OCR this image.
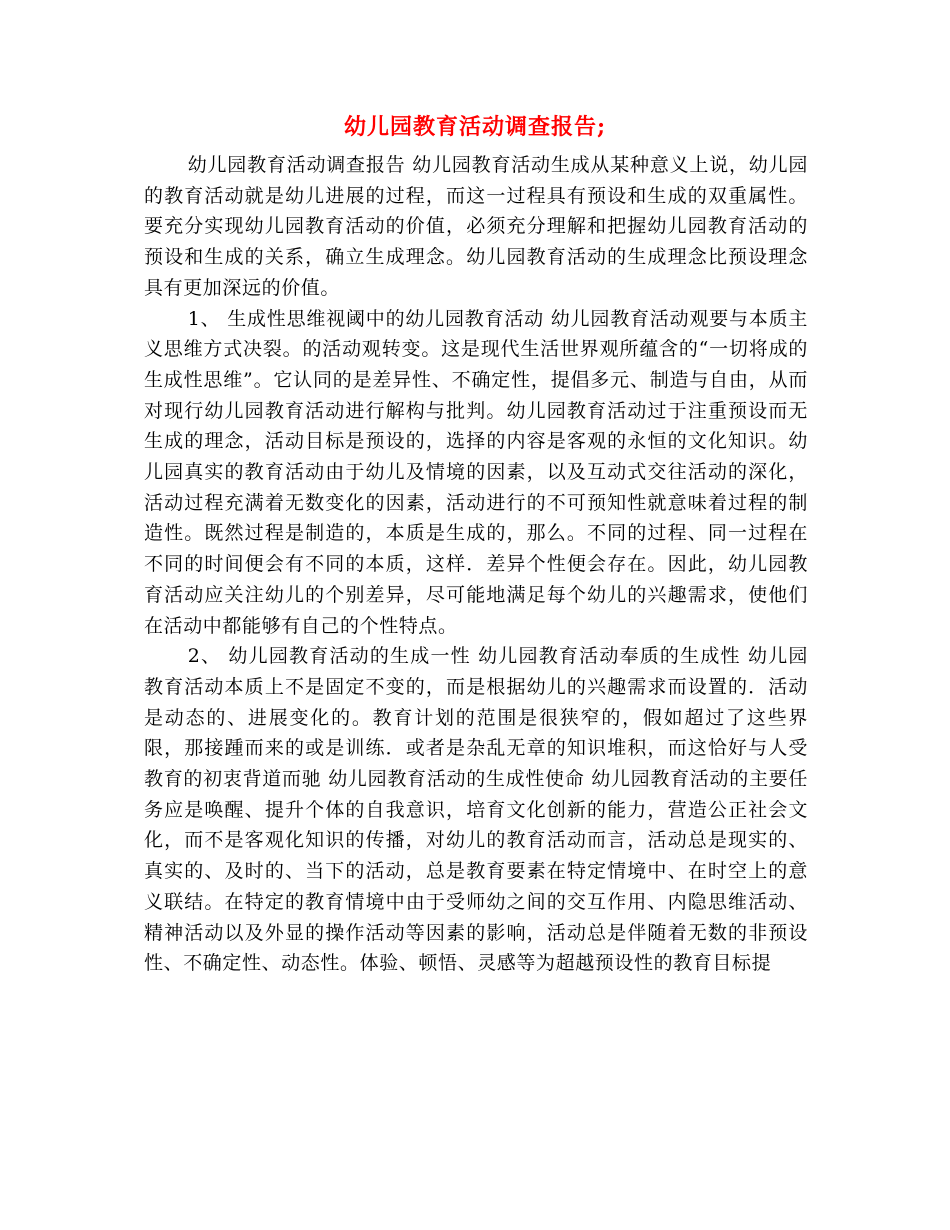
幼儿园教育活动调查报告;

幼儿园教育活动调查报告 幼儿园教育活动生成从某种意义上说，幼儿园的教育活动就是幼儿进展的过程，而这一过程具有预设和生成的双重属性。要充分实现幼儿园教育活动的价值，必须充分理解和把握幼儿园教育活动的预设和生成的关系，确立生成理念。幼儿园教育活动的生成理念比预设理念具有更加深远的价值。

1、 生成性思维视阈中的幼儿园教育活动 幼儿园教育活动观要与本质主义思维方式决裂。的活动观转变。这是现代生活世界观所蕴含的“一切将成的生成性思维”。它认同的是差异性、不确定性，提倡多元、制造与自由，从而对现行幼儿园教育活动进行解构与批判。幼儿园教育活动过于注重预设而无生成的理念，活动目标是预设的，选择的内容是客观的永恒的文化知识。幼儿园真实的教育活动由于幼儿及情境的因素，以及互动式交往活动的深化，活动过程充满着无数变化的因素，活动进行的不可预知性就意味着过程的制造性。既然过程是制造的，本质是生成的，那么。不同的过程、同一过程在不同的时间便会有不同的本质，这样．差异个性便会存在。因此，幼儿园教育活动应关注幼儿的个别差异，尽可能地满足每个幼儿的兴趣需求，使他们在活动中都能够有自己的个性特点。

2、 幼儿园教育活动的生成一性 幼儿园教育活动奉质的生成性 幼儿园教育活动本质上不是固定不变的，而是根据幼儿的兴趣需求而设置的．活动是动态的、进展变化的。教育计划的范围是很狭窄的，假如超过了这些界限，那接踵而来的或是训练．或者是杂乱无章的知识堆积，而这恰好与人受教育的初衷背道而驰 幼儿园教育活动的生成性使命 幼儿园教育活动的主要任务应是唤醒、提升个体的自我意识，培育文化创新的能力，营造公正社会文化，而不是客观化知识的传播，对幼儿的教育活动而言，活动总是现实的、真实的、及时的、当下的活动，总是教育要素在特定情境中、在时空上的意义联结。在特定的教育情境中由于受师幼之间的交互作用、内隐思维活动、精神活动以及外显的操作活动等因素的影响，活动总是伴随着无数的非预设性、不确定性、动态性。体验、顿悟、灵感等为超越预设性的教育目标提
